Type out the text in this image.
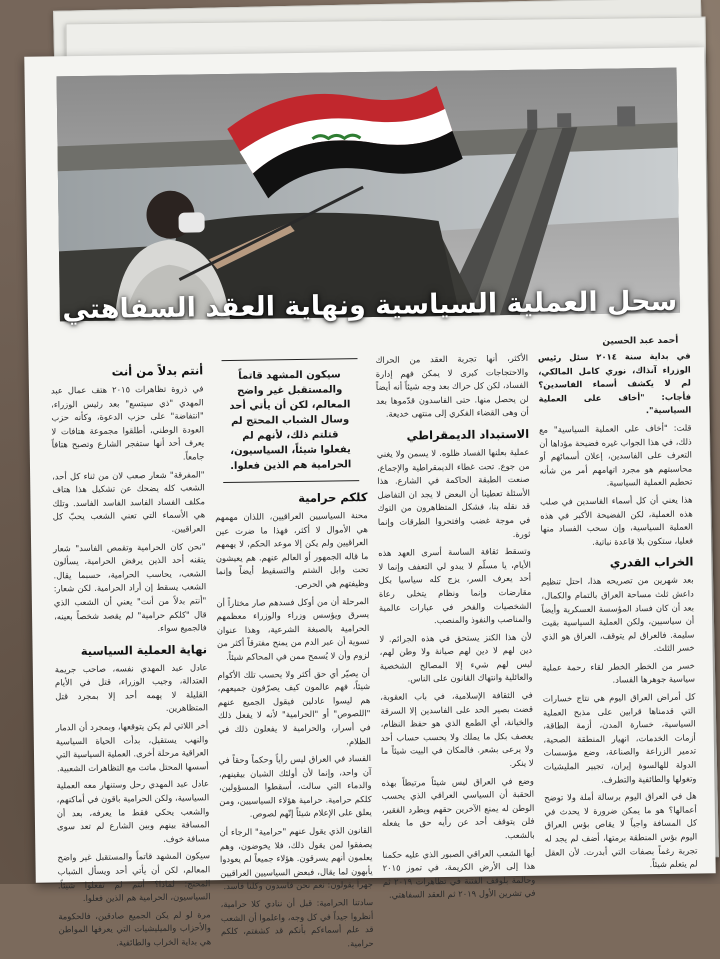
سحل العملية السياسية ونهاية العقد السفاهتي
أحمد عبد الحسين

في بداية سنة ٢٠١٤ سئل رئيس الوزراء آنذاك، نوري كامل المالكي، لم لا يكشف أسماء الفاسدين؟ فأجاب: "أخاف على العملية السياسية".

قلت: "أخاف على العملية السياسية" مع ذلك، في هذا الجواب غيره فضيحة مؤداها أن التعرف على الفاسدين، إعلان أسمائهم أو محاسبتهم هو مجرد اتهامهم أمر من شأنه تحطيم العملية السياسية.

هذا يعني أن كل أسماء الفاسدين في صلب هذه العملية، لكن الفضيحة الأكبر في هذه العملية السياسية، وإن سحب الفساد منها فعليا، ستكون بلا قاعدة نباتية.

الخراب القدري

بعد شهرين من تصريحه هذا، احتل تنظيم داعش ثلث مساحة العراق بالتمام والكمال، بعد أن كان فساد المؤسسة العسكرية وأيضاً أن سياسيين، ولكن العملية السياسية بقيت سليمة. فالعراق لم يتوقف، العراق هو الذي خسر الثلث.

خسر من الخطر الخطر لقاء رحمة عملية سياسية جوهرها الفساد.

كل أمراض العراق اليوم هي نتاج خسارات التي قدمناها قرابين على مذبح العملية السياسية، خسارة المدن، أزمة الطاقة، أزمات الخدمات، انهيار المنطقة الصحية، تدمير الزراعة والصناعة، وضع مؤسسات الدولة للهالسوة إيران، تجيير المليشيات وتغولها والطائفية والتطرف.

هل في العراق اليوم برسالة أملة ولا توضح أعمالها؟ هو ما يمكن ضرورة لا يحدث في كل المسافة واجباً لا يقاص بؤس العراق اليوم بؤس المنطقة برمتها، أضف لم يجد له تجربة رغماً بصفات التي أبدرت. لأن العقل لم يتعلم شيئاً.

الأكثر، أنها تجربة العقد من الحراك والاحتجاجات كبرى لا يمكن فهم إدارة الفساد، لكن كل حراك بعد وجه شيئاً أنه أيضاً لن يحصل منها. حتى الفاسدون قدّموها بعد أن وهى القضاء الفكري إلى منتهى خديعة.

الاستبداد الديمقراطي

عملية بعلنها الفساد ظلوه. لا يسمن ولا يغني من جوع. تحت غطاء الديمقراطية والإجماع، صنعت الطبقة الحاكمة في الشارع. هذا الأسئلة تعطينا أن البعض لا يجد ان التفاضل قد نقله بنا، فشكل المتظاهرون من التوك في موجة غضب وافتحروا الطرقات وإنما ثورة.

وتسقط ثقافة الساسة أسرى العهد هذه الأيام، يا مسلّم لا يبدو لي التعفف وإنما لا أحد يعرف السر، يزج كله سياسيا بكل مقارضات وإنما ونظام يتخلى رعاة الشخصيات والفخر في عبارات عالمية والمناصب والنفوذ والمنصب.

لأن هذا الكنز يستحق في هذه الجرائم. لا دين لهم لا دين لهم صيانة ولا وطن لهم، ليس لهم شيء إلا المصالح الشخصية والعائلية وانتهاك القانون على الناس.

في الثقافة الإسلامية، في باب العقوبة، قضت بصير الحد على الفاسدين إلا السرقة والخيانة، أي الطمع الذي هو حفظ النظام، يعصف بكل ما يملك ولا يحسب حساب أحد ولا يرعى بشعر. فالمكان في البيت شيئاً ما لا ينكر.

وضع في العراق ليس شيئاً مرتبطاً بهذه الحقبة أن السياسي العراقي الذي يحسب الوطن له يمنع الآخرين حقهم ويطرد الفقير، فلن يتوقف أحد عن رأيه حق ما يفعله بالشعب.

أيها الشعب العراقي الصبور الذي عليه حكمنا هذا إلى الأرض الكريمة، في تموز ٢٠١٥ وحالمة بلوقف الفتنة في تظاهرات ٢٠١٩ ثم في تشرين الأول ٢٠١٩ ثم العقد السفاهتي.

سيكون المشهد قاتماً والمستقبل غير واضح المعالم، لكن أن يأتي أحد وسال الشباب المحتج لم قتلتم ذلك، لأنهم لم يفعلوا شيئاً، السياسيون، الحرامية هم الذين فعلوا.
كلكم حرامية

محنة السياسيين العراقيين، اللذان مهمهم هي الأموال لا أكثر، فهذا ما ضرت عين العراقيين ولم يكن إلا موعد الحكم، لا يهمهم ما قاله الجمهور أو العالم عنهم. هم يعيشون تحت وابل الشتم والتسقيط أيضاً وإنما وظيفتهم هي الحرص.

المرحلة أن من أوكل فسدهم صار مختاراً أن يسرق ويؤسس وزراء والوزراء معظمهم الحرامية بالصبغة الشرعية، وهذا عنوان تسوية أن عبر الدم من يمنح مفترقاً أكثر من لزوم وأن لا يُسمح ممن في المحاكم شيئاً.

أن يصيّر أي حق أكثر ولا يحسب تلك الأكوام شيئاً، فهم عالمون كيف يصرّفون جميعهم، هم ليسوا عادلين فيقول الجميع عنهم "اللصوص" أو "الحرامية" لأنه لا يفعل ذلك في أسرار، والحرامية لا يفعلون ذلك في الظلام.

الفساد في العراق ليس رأياً وحكماً وحقاً في آن واحد، وإنما لأن أولئك الشبان بيقينهم، والدماء التي سالت، أسقطوا المسؤولين، كلكم حرامية. حرامية هؤلاء السياسيين، ومن يعلق على الإعلام شيئاً إنّهم لصوص.

القانون الذي يقول عنهم "حرامية" الرجاء أن يصفقوا لمن يقول ذلك، فلا يخوضون، وهم يعلمون أنهم يسرقون. هؤلاء جميعاً لم يعودوا يأبهون لما يقال، فبعض السياسيين العراقيين جهراً يقولون: نعم نحن فاسدون وكلنا فاسد.

سادتنا الحرامية: قبل أن ننادي كلا حرامية، أنظروا جيداً في كل وجه، واعلموا أن الشعب قد علم أسماءكم بأنكم قد كشفتم، كلكم حرامية.

أنتم بدلاً من أنت

في ذروة تظاهرات ٢٠١٥ هتف عمال عبد المهدي "ذي سيتسع" بعد رئيس الوزراء، "انتفاضة" على حزب الدعوة، وكأنه حزب العودة الوطني، أطلقوا مجموعة هتافات لا يعرف أحد أنها ستفجر الشارع وتصبح هتافاً جامعاً.

"المفرقة" شعار صعب لان من ثناء كل أحد، الشعب كله يضحك عن تشكيل هذا هتاف مكلف الفساد الفاسد الفاسد الفاسد. وتلك هي الأسماء التي تعني الشعب يحبّ كل العراقيين.

"نحن كان الحرامية وتقمص الفاسد" شعار يتقنه أحد الذين يرفض الحرامية، يسألون الشعب، يحاسب الحرامية، حسبما يقال. الشعب يسقط إن أراد الحرامية. لكن شعار: "أنتم بدلاً من أنت" يعني أن الشعب الذي قال "كلكم حرامية" لم يقصد شخصاً بعينه، فالجميع سواء.

نهاية العملية السياسية

عادل عبد المهدي نفسه، صاحب جريمة العتدالة، وجيب الوزراء، قتل في الأيام القليلة لا يهمه أحد إلا بمجرد قتل المتظاهرين.

أخر اللاتي لم يكن يتوقعها، وبمجرد أن الدمار والنهب يستقيل، بدأت الحياة السياسية العراقية مرحلة أخرى. العملية السياسية التي أسسها المحتل ماتت مع التظاهرات الشعبية.

عادل عبد المهدي رحل وستنهار معه العملية السياسية، ولكن الحرامية باقون في أماكنهم، والشعب يحكي فقط ما يعرفه، بعد أن المسافة بينهم وبين الشارع لم تعد سوى مسافة خوف.

سيكون المشهد قاتماً والمستقبل غير واضح المعالم، لكن أن يأتي أحد ويسأل الشباب المحتج: لماذا؟ أنتم لم تفعلوا شيئاً. السياسيون، الحرامية هم الذين فعلوا.

مرة لو لم يكن الجميع صادقين، فالحكومة والأحزاب والميليشيات التي يعرفها المواطن هي بداية الخراب والطائفية.
